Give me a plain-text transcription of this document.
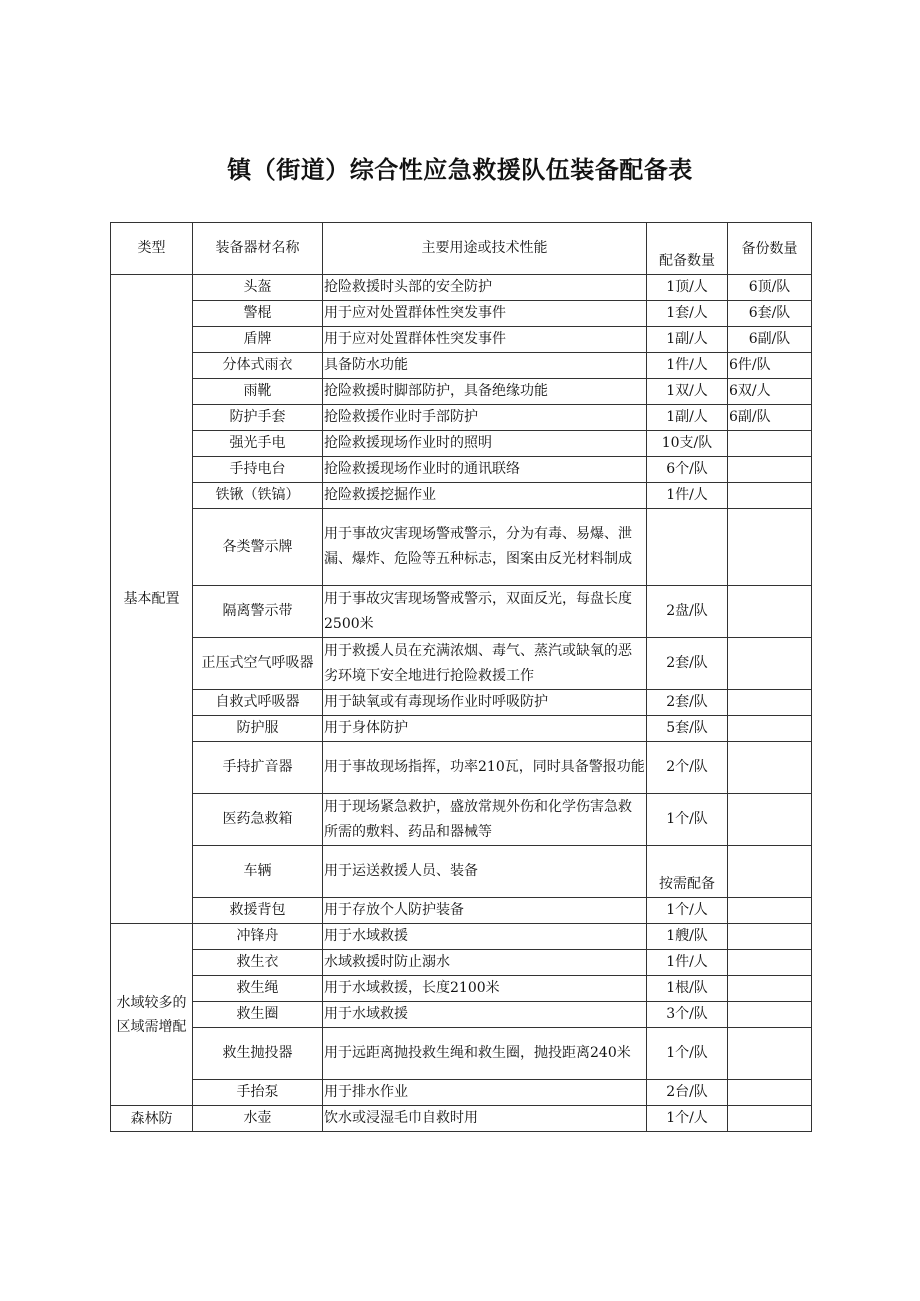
镇（街道）综合性应急救援队伍装备配备表
类型	装备器材名称	主要用途或技术性能	配备数量	备份数量
基本配置	头盔	抢险救援时头部的安全防护	1顶/人	6顶/队
	警棍	用于应对处置群体性突发事件	1套/人	6套/队
	盾牌	用于应对处置群体性突发事件	1副/人	6副/队
	分体式雨衣	具备防水功能	1件/人	6件/队
	雨靴	抢险救援时脚部防护，具备绝缘功能	1双/人	6双/人
	防护手套	抢险救援作业时手部防护	1副/人	6副/队
	强光手电	抢险救援现场作业时的照明	10支/队	
	手持电台	抢险救援现场作业时的通讯联络	6个/队	
	铁锹（铁镐）	抢险救援挖掘作业	1件/人	
	各类警示牌	用于事故灾害现场警戒警示，分为有毒、易爆、泄漏、爆炸、危险等五种标志，图案由反光材料制成		
	隔离警示带	用于事故灾害现场警戒警示，双面反光，每盘长度2500米	2盘/队	
	正压式空气呼吸器	用于救援人员在充满浓烟、毒气、蒸汽或缺氧的恶劣环境下安全地进行抢险救援工作	2套/队	
	自救式呼吸器	用于缺氧或有毒现场作业时呼吸防护	2套/队	
	防护服	用于身体防护	5套/队	
	手持扩音器	用于事故现场指挥，功率210瓦，同时具备警报功能	2个/队	
	医药急救箱	用于现场紧急救护，盛放常规外伤和化学伤害急救所需的敷料、药品和器械等	1个/队	
	车辆	用于运送救援人员、装备	按需配备	
	救援背包	用于存放个人防护装备	1个/人	
水域较多的区域需增配	冲锋舟	用于水域救援	1艘/队	
	救生衣	水域救援时防止溺水	1件/人	
	救生绳	用于水域救援，长度2100米	1根/队	
	救生圈	用于水域救援	3个/队	
	救生抛投器	用于远距离抛投救生绳和救生圈，抛投距离240米	1个/队	
	手抬泵	用于排水作业	2台/队	
森林防	水壶	饮水或浸湿毛巾自救时用	1个/人	
